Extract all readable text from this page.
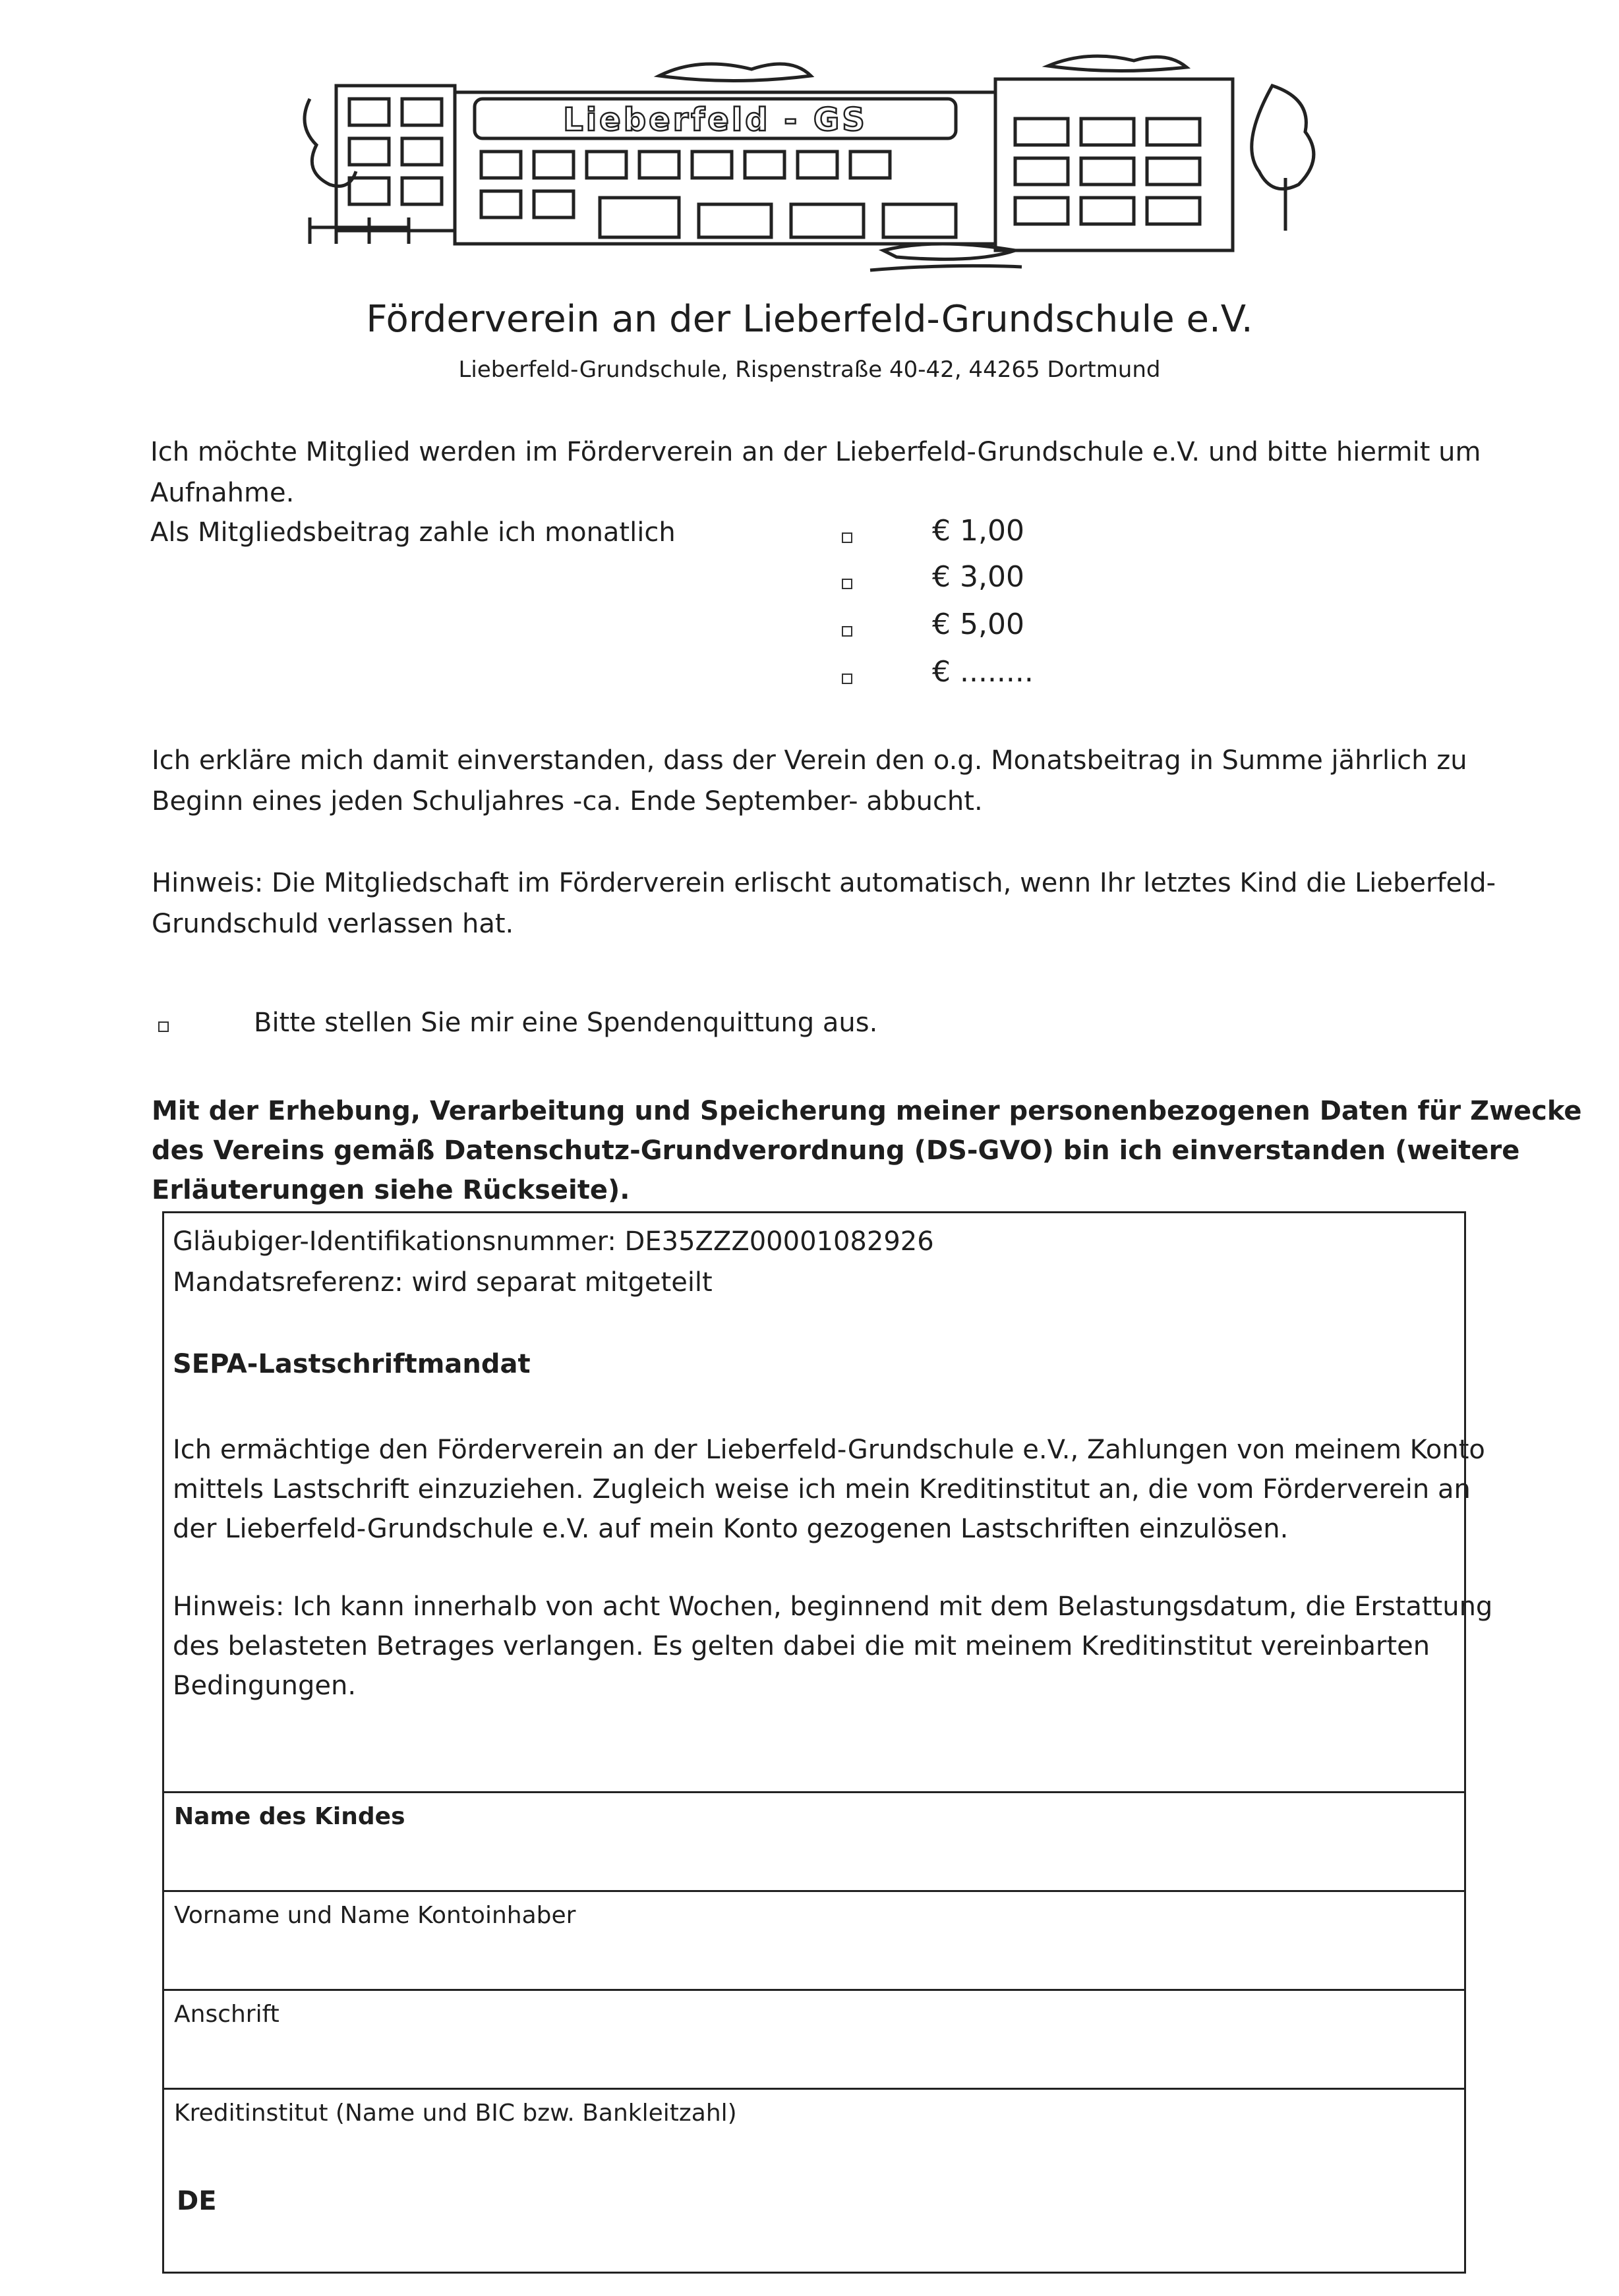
Lieberfeld - GS
Förderverein an der Lieberfeld-Grundschule e.V.
Lieberfeld-Grundschule, Rispenstraße 40-42, 44265 Dortmund
Ich möchte Mitglied werden im Förderverein an der Lieberfeld-Grundschule e.V. und bitte hiermit um
Aufnahme.
Als Mitgliedsbeitrag zahle ich monatlich	€ 1,00
€ 3,00
€ 5,00
€ ........
Ich erkläre mich damit einverstanden, dass der Verein den o.g. Monatsbeitrag in Summe jährlich zu
Beginn eines jeden Schuljahres -ca. Ende September- abbucht.
Hinweis: Die Mitgliedschaft im Förderverein erlischt automatisch, wenn Ihr letztes Kind die Lieberfeld-
Grundschuld verlassen hat.
Bitte stellen Sie mir eine Spendenquittung aus.
Mit der Erhebung, Verarbeitung und Speicherung meiner personenbezogenen Daten für Zwecke
des Vereins gemäß Datenschutz-Grundverordnung (DS-GVO) bin ich einverstanden (weitere
Erläuterungen siehe Rückseite).
Gläubiger-Identifikationsnummer: DE35ZZZ00001082926
Mandatsreferenz: wird separat mitgeteilt
SEPA-Lastschriftmandat
Ich ermächtige den Förderverein an der Lieberfeld-Grundschule e.V., Zahlungen von meinem Konto
mittels Lastschrift einzuziehen. Zugleich weise ich mein Kreditinstitut an, die vom Förderverein an
der Lieberfeld-Grundschule e.V. auf mein Konto gezogenen Lastschriften einzulösen.
Hinweis: Ich kann innerhalb von acht Wochen, beginnend mit dem Belastungsdatum, die Erstattung
des belasteten Betrages verlangen. Es gelten dabei die mit meinem Kreditinstitut vereinbarten
Bedingungen.
Name des Kindes
Vorname und Name Kontoinhaber
Anschrift
Kreditinstitut (Name und BIC bzw. Bankleitzahl)
DE
